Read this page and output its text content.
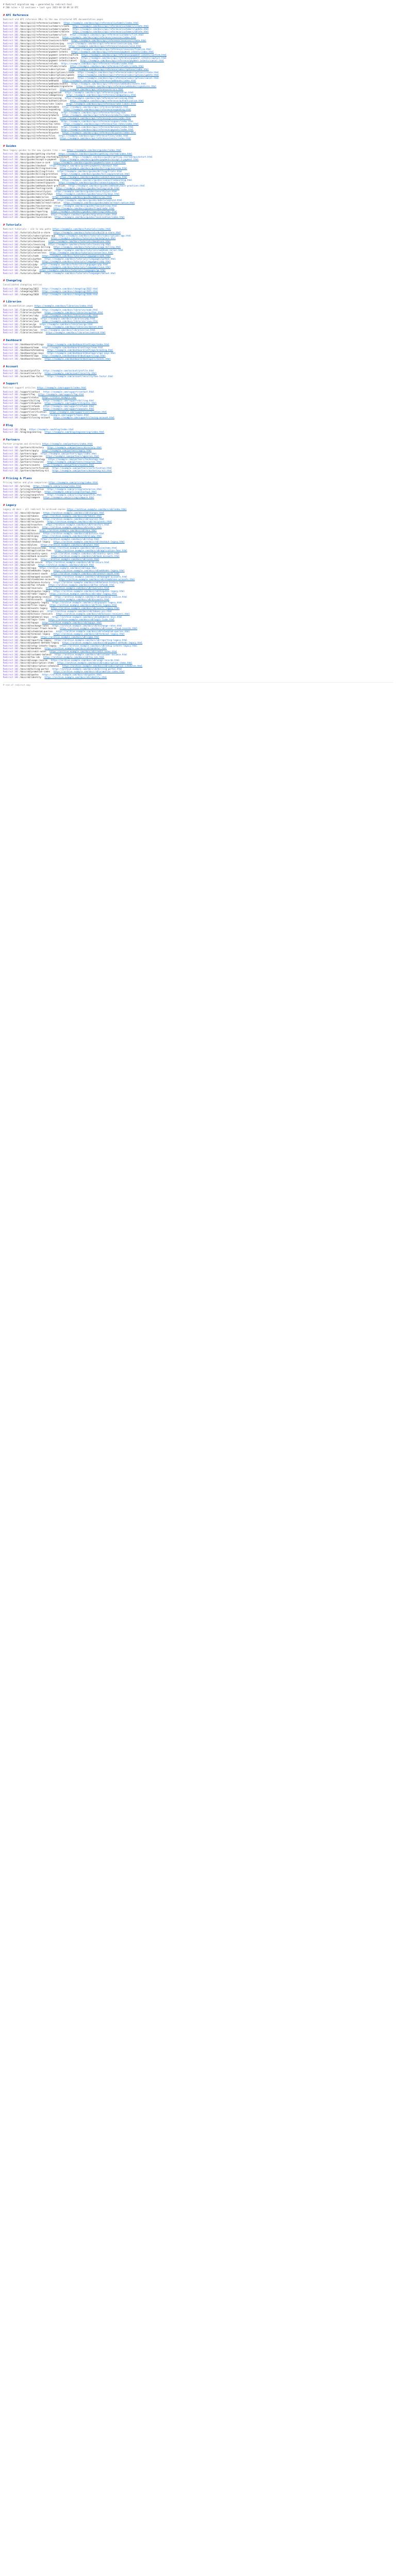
# Redirect migration map — generated by redirect-tool
# 200 rules • 12 sections • last sync 2023-04-18 09:14 UTC
# API Reference
Redirect old API reference URLs to the new structured API documentation pages
Redirect 301 /docs/api/v1/reference/customers https://example.com/docs/api/reference/customers/index.html
Redirect 301 /docs/api/v1/reference/customers/create https://example.com/docs/api/reference/customers/create.html
Redirect 301 /docs/api/v1/reference/customers/update https://example.com/docs/api/reference/customers/update.html
Redirect 301 /docs/api/v1/reference/customers/delete https://example.com/docs/api/reference/customers/delete.html
Redirect 301 /docs/api/v1/reference/customers/list https://example.com/docs/api/reference/customers/list.html
Redirect 301 /docs/api/v1/reference/invoices https://example.com/docs/api/reference/invoices/index.html
Redirect 301 /docs/api/v1/reference/invoices/create https://example.com/docs/api/reference/invoices/create.html
Redirect 301 /docs/api/v1/reference/invoices/pay https://example.com/docs/api/reference/invoices/pay.html
Redirect 301 /docs/api/v1/reference/invoices/void https://example.com/docs/api/reference/invoices/void.html
Redirect 301 /docs/api/v1/reference/invoices/finalize https://example.com/docs/api/reference/invoices/finalize.html
Redirect 301 /docs/api/v1/reference/payment-intents https://example.com/docs/api/reference/payment-intents/index.html
Redirect 301 /docs/api/v1/reference/payment-intents/confirm https://example.com/docs/api/reference/payment-intents/confirm.html
Redirect 301 /docs/api/v1/reference/payment-intents/capture https://example.com/docs/api/reference/payment-intents/capture.html
Redirect 301 /docs/api/v1/reference/payment-intents/cancel https://example.com/docs/api/reference/payment-intents/cancel.html
Redirect 301 /docs/api/v1/reference/refunds https://example.com/docs/api/reference/refunds/index.html
Redirect 301 /docs/api/v1/reference/refunds/create https://example.com/docs/api/reference/refunds/create.html
Redirect 301 /docs/api/v1/reference/subscriptions https://example.com/docs/api/reference/subscriptions/index.html
Redirect 301 /docs/api/v1/reference/subscriptions/create https://example.com/docs/api/reference/subscriptions/create.html
Redirect 301 /docs/api/v1/reference/subscriptions/update https://example.com/docs/api/reference/subscriptions/update.html
Redirect 301 /docs/api/v1/reference/subscriptions/cancel https://example.com/docs/api/reference/subscriptions/cancel.html
Redirect 301 /docs/api/v1/reference/webhooks https://example.com/docs/api/reference/webhooks/index.html
Redirect 301 /docs/api/v1/reference/webhooks/events https://example.com/docs/api/reference/webhooks/events.html
Redirect 301 /docs/api/v1/reference/webhooks/signatures https://example.com/docs/api/reference/webhooks/signatures.html
Redirect 301 /docs/api/v1/reference/errors https://example.com/docs/api/reference/errors.html
Redirect 301 /docs/api/v1/reference/pagination https://example.com/docs/api/reference/pagination.html
Redirect 301 /docs/api/v1/reference/idempotency https://example.com/docs/api/reference/idempotency.html
Redirect 301 /docs/api/v1/reference/versioning https://example.com/docs/api/reference/versioning.html
Redirect 301 /docs/api/v1/reference/authentication https://example.com/docs/api/reference/authentication.html
Redirect 301 /docs/api/v1/reference/rate-limits https://example.com/docs/api/reference/rate-limits.html
Redirect 301 /docs/api/v1/reference/metadata https://example.com/docs/api/reference/metadata.html
Redirect 301 /docs/api/v1/reference/expanding https://example.com/docs/api/reference/expanding.html
Redirect 301 /docs/api/v1/reference/testing https://example.com/docs/api/reference/testing.html
Redirect 301 /docs/api/v1/reference/products https://example.com/docs/api/reference/products/index.html
Redirect 301 /docs/api/v1/reference/prices https://example.com/docs/api/reference/prices/index.html
Redirect 301 /docs/api/v1/reference/coupons https://example.com/docs/api/reference/coupons/index.html
Redirect 301 /docs/api/v1/reference/tax-rates https://example.com/docs/api/reference/tax-rates/index.html
Redirect 301 /docs/api/v1/reference/balance https://example.com/docs/api/reference/balance/index.html
Redirect 301 /docs/api/v1/reference/payouts https://example.com/docs/api/reference/payouts/index.html
Redirect 301 /docs/api/v1/reference/disputes https://example.com/docs/api/reference/disputes/index.html
Redirect 301 /docs/api/v1/reference/files https://example.com/docs/api/reference/files/index.html
Redirect 301 /docs/api/v1/reference/events https://example.com/docs/api/reference/events/index.html
# Guides
Move legacy guides to the new /guides tree — see https://example.com/docs/guides/index.html
Redirect 301 /docs/guides/getting-started https://example.com/docs/guides/getting-started/index.html
Redirect 301 /docs/guides/getting-started/quickstart https://example.com/docs/guides/getting-started/quickstart.html
Redirect 301 /docs/guides/accept-a-payment https://example.com/docs/guides/payments/accept-a-payment.html
Redirect 301 /docs/guides/save-a-card https://example.com/docs/guides/payments/save-a-card.html
Redirect 301 /docs/guides/checkout https://example.com/docs/guides/payments/checkout.html
Redirect 301 /docs/guides/billing/overview https://example.com/docs/guides/billing/overview.html
Redirect 301 /docs/guides/billing/trials https://example.com/docs/guides/billing/trials.html
Redirect 301 /docs/guides/billing/proration https://example.com/docs/guides/billing/proration.html
Redirect 301 /docs/guides/connect/overview https://example.com/docs/guides/connect/overview.html
Redirect 301 /docs/guides/connect/onboarding https://example.com/docs/guides/connect/onboarding.html
Redirect 301 /docs/guides/connect/payouts https://example.com/docs/guides/connect/payouts.html
Redirect 301 /docs/guides/webhooks/best-practices https://example.com/docs/guides/webhooks/best-practices.html
Redirect 301 /docs/guides/testing/cards https://example.com/docs/guides/testing/cards.html
Redirect 301 /docs/guides/security/pci https://example.com/docs/guides/security/pci.html
Redirect 301 /docs/guides/security/keys https://example.com/docs/guides/security/keys.html
Redirect 301 /docs/guides/mobile/ios https://example.com/docs/guides/mobile/ios.html
Redirect 301 /docs/guides/mobile/android https://example.com/docs/guides/mobile/android.html
Redirect 301 /docs/guides/mobile/react-native https://example.com/docs/guides/mobile/react-native.html
Redirect 301 /docs/guides/tax/overview https://example.com/docs/guides/tax/overview.html
Redirect 301 /docs/guides/fraud/radar https://example.com/docs/guides/fraud/radar.html
Redirect 301 /docs/guides/reporting https://example.com/docs/guides/reporting/index.html
Redirect 301 /docs/guides/migration https://example.com/docs/guides/migration/index.html
Redirect 301 /docs/guides/localization https://example.com/docs/guides/localization/index.html
# Tutorials
Redirect tutorials — old to new paths https://example.com/docs/tutorials/index.html
Redirect 301 /tutorials/build-a-store https://example.com/docs/tutorials/build-a-store.html
Redirect 301 /tutorials/subscriptions-app https://example.com/docs/tutorials/subscriptions-app.html
Redirect 301 /tutorials/marketplace https://example.com/docs/tutorials/marketplace.html
Redirect 301 /tutorials/donations https://example.com/docs/tutorials/donations.html
Redirect 301 /tutorials/invoicing https://example.com/docs/tutorials/invoicing.html
Redirect 301 /tutorials/usage-billing https://example.com/docs/tutorials/usage-billing.html
Redirect 301 /tutorials/webhook-server https://example.com/docs/tutorials/webhook-server.html
Redirect 301 /tutorials/serverless https://example.com/docs/tutorials/serverless.html
Redirect 301 /tutorials/node https://example.com/docs/tutorials/languages/node.html
Redirect 301 /tutorials/python https://example.com/docs/tutorials/languages/python.html
Redirect 301 /tutorials/ruby https://example.com/docs/tutorials/languages/ruby.html
Redirect 301 /tutorials/php https://example.com/docs/tutorials/languages/php.html
Redirect 301 /tutorials/java https://example.com/docs/tutorials/languages/java.html
Redirect 301 /tutorials/go https://example.com/docs/tutorials/languages/go.html
Redirect 301 /tutorials/dotnet https://example.com/docs/tutorials/languages/dotnet.html
# Changelog
Consolidated changelog entries
Redirect 301 /changelog/2022 https://example.com/docs/changelog/2022.html
Redirect 301 /changelog/2021 https://example.com/docs/changelog/2021.html
Redirect 301 /changelog/2020 https://example.com/docs/changelog/2020.html
# Libraries
SDK documentation pages https://example.com/docs/libraries/index.html
Redirect 301 /libraries/node https://example.com/docs/libraries/node.html
Redirect 301 /libraries/python https://example.com/docs/libraries/python.html
Redirect 301 /libraries/ruby https://example.com/docs/libraries/ruby.html
Redirect 301 /libraries/php https://example.com/docs/libraries/php.html
Redirect 301 /libraries/java https://example.com/docs/libraries/java.html
Redirect 301 /libraries/go https://example.com/docs/libraries/go.html
Redirect 301 /libraries/dotnet https://example.com/docs/libraries/dotnet.html
Redirect 301 /libraries/ios https://example.com/docs/libraries/ios.html
Redirect 301 /libraries/android https://example.com/docs/libraries/android.html
# Dashboard
Redirect 301 /dashboard/settings https://example.com/dashboard/settings/index.html
Redirect 301 /dashboard/team https://example.com/dashboard/settings/team.html
Redirect 301 /dashboard/branding https://example.com/dashboard/settings/branding.html
Redirect 301 /dashboard/api-keys https://example.com/dashboard/developers/api-keys.html
Redirect 301 /dashboard/logs https://example.com/dashboard/developers/logs.html
Redirect 301 /dashboard/events https://example.com/dashboard/developers/events.html
# Account
Redirect 301 /account/profile https://example.com/account/profile.html
Redirect 301 /account/security https://example.com/account/security.html
Redirect 301 /account/two-factor https://example.com/account/security/two-factor.html
# Support
Redirect support articles https://example.com/support/index.html
Redirect 301 /support/contact https://example.com/support/contact.html
Redirect 301 /support/faq https://example.com/support/faq.html
Redirect 301 /support/status https://status.example.com/
Redirect 301 /support/billing https://example.com/support/billing.html
Redirect 301 /support/disputes https://example.com/support/disputes.html
Redirect 301 /support/refunds https://example.com/support/refunds.html
Redirect 301 /support/payouts https://example.com/support/payouts.html
Redirect 301 /support/verification https://example.com/support/verification.html
Redirect 301 /support/taxes https://example.com/support/taxes.html
Redirect 301 /support/closing-account https://example.com/support/closing-account.html
# Blog
Redirect 301 /blog https://example.com/blog/index.html
Redirect 301 /blog/engineering https://example.com/blog/engineering/index.html
# Partners
Partner program and directory https://example.com/partners/index.html
Redirect 301 /partners/directory https://example.com/partners/directory.html
Redirect 301 /partners/apply https://example.com/partners/apply.html
Redirect 301 /partners/apps https://example.com/partners/apps/index.html
Redirect 301 /partners/agencies https://example.com/partners/agencies.html
Redirect 301 /partners/technology https://example.com/partners/technology.html
Redirect 301 /partners/resources https://example.com/partners/resources.html
Redirect 301 /partners/events https://example.com/partners/events.html
Redirect 301 /partners/certification https://example.com/partners/certification.html
Redirect 301 /partners/marketing-kit https://example.com/partners/marketing-kit.html
# Pricing & Plans
Pricing tables and plan comparison https://example.com/pricing/index.html
Redirect 301 /pricing https://example.com/pricing/index.html
Redirect 301 /pricing/enterprise https://example.com/pricing/enterprise.html
Redirect 301 /pricing/startups https://example.com/pricing/startups.html
Redirect 301 /pricing/nonprofits https://example.com/pricing/nonprofits.html
Redirect 301 /pricing/compare https://example.com/pricing/compare.html
# Legacy
Legacy v0 docs — all redirect to archived copies https://archive.example.com/docs/v0/index.html
Redirect 301 /docs/v0/charges https://archive.example.com/docs/v0/charges.html
Redirect 301 /docs/v0/tokens https://archive.example.com/docs/v0/tokens.html
Redirect 301 /docs/v0/sources https://archive.example.com/docs/v0/sources.html
Redirect 301 /docs/v0/recipients https://archive.example.com/docs/v0/recipients.html
Redirect 301 /docs/v0/transfers https://archive.example.com/docs/v0/transfers.html
Redirect 301 /docs/v0/orders https://archive.example.com/docs/v0/orders.html
Redirect 301 /docs/v0/skus https://archive.example.com/docs/v0/skus.html
Redirect 301 /docs/v0/bitcoin https://archive.example.com/docs/v0/bitcoin.html
Redirect 301 /docs/v0/alipay https://archive.example.com/docs/v0/alipay.html
Redirect 301 /docs/v0/relay https://archive.example.com/docs/v0/relay.html
Redirect 301 /docs/v0/checkout-legacy https://archive.example.com/docs/v0/checkout-legacy.html
Redirect 301 /docs/v0/plans https://archive.example.com/docs/v0/plans.html
Redirect 301 /docs/v0/invoiceitems https://archive.example.com/docs/v0/invoiceitems.html
Redirect 301 /docs/v0/application-fees https://archive.example.com/docs/v0/application-fees.html
Redirect 301 /docs/v0/country-specs https://archive.example.com/docs/v0/country-specs.html
Redirect 301 /docs/v0/bank-accounts https://archive.example.com/docs/v0/bank-accounts.html
Redirect 301 /docs/v0/cards https://archive.example.com/docs/v0/cards.html
Redirect 301 /docs/v0/3d-secure https://archive.example.com/docs/v0/3d-secure.html
Redirect 301 /docs/v0/ach https://archive.example.com/docs/v0/ach.html
Redirect 301 /docs/v0/sepa https://archive.example.com/docs/v0/sepa.html
Redirect 301 /docs/v0/webhooks-legacy https://archive.example.com/docs/v0/webhooks-legacy.html
Redirect 301 /docs/v0/connect-oauth https://archive.example.com/docs/v0/connect-oauth.html
Redirect 301 /docs/v0/managed-accounts https://archive.example.com/docs/v0/managed-accounts.html
Redirect 301 /docs/v0/standalone-accounts https://archive.example.com/docs/v0/standalone-accounts.html
Redirect 301 /docs/v0/balance-history https://archive.example.com/docs/v0/balance-history.html
Redirect 301 /docs/v0/fee-refunds https://archive.example.com/docs/v0/fee-refunds.html
Redirect 301 /docs/v0/reversals https://archive.example.com/docs/v0/reversals.html
Redirect 301 /docs/v0/disputes-legacy https://archive.example.com/docs/v0/disputes-legacy.html
Redirect 301 /docs/v0/radar-legacy https://archive.example.com/docs/v0/radar-legacy.html
Redirect 301 /docs/v0/upcoming-invoice https://archive.example.com/docs/v0/upcoming-invoice.html
Redirect 301 /docs/v0/discounts https://archive.example.com/docs/v0/discounts.html
Redirect 301 /docs/v0/payouts-legacy https://archive.example.com/docs/v0/payouts-legacy.html
Redirect 301 /docs/v0/files-legacy https://archive.example.com/docs/v0/files-legacy.html
Redirect 301 /docs/v0/events-legacy https://archive.example.com/docs/v0/events-legacy.html
Redirect 301 /docs/v0/tokens-pii https://archive.example.com/docs/v0/tokens-pii.html
Redirect 301 /docs/v0/bitcoin-receivers https://archive.example.com/docs/v0/bitcoin-receivers.html
Redirect 301 /docs/v0/ephemeral-keys https://archive.example.com/docs/v0/ephemeral-keys.html
Redirect 301 /docs/v0/login-links https://archive.example.com/docs/v0/login-links.html
Redirect 301 /docs/v0/topups https://archive.example.com/docs/v0/topups.html
Redirect 301 /docs/v0/exchange-rates https://archive.example.com/docs/v0/exchange-rates.html
Redirect 301 /docs/v0/issuer-fraud-records https://archive.example.com/docs/v0/issuer-fraud-records.html
Redirect 301 /docs/v0/scheduled-queries https://archive.example.com/docs/v0/scheduled-queries.html
Redirect 301 /docs/v0/terminal-legacy https://archive.example.com/docs/v0/terminal-legacy.html
Redirect 301 /docs/v0/sigma https://archive.example.com/docs/v0/sigma.html
Redirect 301 /docs/v0/reporting-legacy https://archive.example.com/docs/v0/reporting-legacy.html
Redirect 301 /docs/v0/payment-methods-legacy https://archive.example.com/docs/v0/payment-methods-legacy.html
Redirect 301 /docs/v0/setup-intents-legacy https://archive.example.com/docs/v0/setup-intents-legacy.html
Redirect 301 /docs/v0/mandates https://archive.example.com/docs/v0/mandates.html
Redirect 301 /docs/v0/credit-notes https://archive.example.com/docs/v0/credit-notes.html
Redirect 301 /docs/v0/customer-balance https://archive.example.com/docs/v0/customer-balance.html
Redirect 301 /docs/v0/tax-ids https://archive.example.com/docs/v0/tax-ids.html
Redirect 301 /docs/v0/usage-records https://archive.example.com/docs/v0/usage-records.html
Redirect 301 /docs/v0/subscription-items https://archive.example.com/docs/v0/subscription-items.html
Redirect 301 /docs/v0/subscription-schedules https://archive.example.com/docs/v0/subscription-schedules.html
Redirect 301 /docs/v0/billing-portal https://archive.example.com/docs/v0/billing-portal.html
Redirect 301 /docs/v0/promotion-codes https://archive.example.com/docs/v0/promotion-codes.html
Redirect 301 /docs/v0/quotes https://archive.example.com/docs/v0/quotes.html
Redirect 301 /docs/v0/identity https://archive.example.com/docs/v0/identity.html
# end of redirect map
